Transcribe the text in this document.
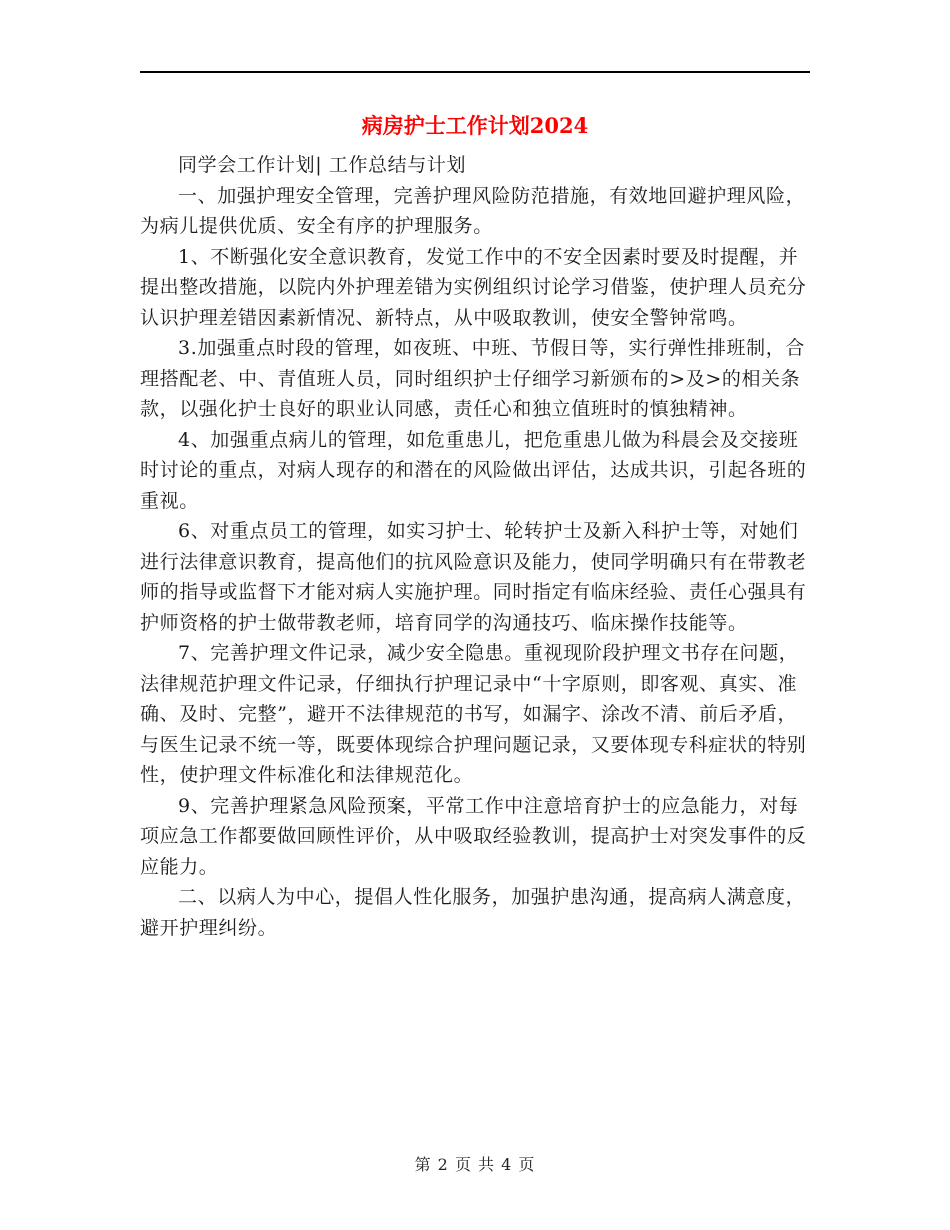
病房护士工作计划2024

同学会工作计划| 工作总结与计划

一、加强护理安全管理，完善护理风险防范措施，有效地回避护理风险，为病儿提供优质、安全有序的护理服务。

1、不断强化安全意识教育，发觉工作中的不安全因素时要及时提醒，并提出整改措施，以院内外护理差错为实例组织讨论学习借鉴，使护理人员充分认识护理差错因素新情况、新特点，从中吸取教训，使安全警钟常鸣。

3.加强重点时段的管理，如夜班、中班、节假日等，实行弹性排班制，合理搭配老、中、青值班人员，同时组织护士仔细学习新颁布的>及>的相关条款，以强化护士良好的职业认同感，责任心和独立值班时的慎独精神。

4、加强重点病儿的管理，如危重患儿，把危重患儿做为科晨会及交接班时讨论的重点，对病人现存的和潜在的风险做出评估，达成共识，引起各班的重视。

6、对重点员工的管理，如实习护士、轮转护士及新入科护士等，对她们进行法律意识教育，提高他们的抗风险意识及能力，使同学明确只有在带教老师的指导或监督下才能对病人实施护理。同时指定有临床经验、责任心强具有护师资格的护士做带教老师，培育同学的沟通技巧、临床操作技能等。

7、完善护理文件记录，减少安全隐患。重视现阶段护理文书存在问题，法律规范护理文件记录，仔细执行护理记录中“十字原则，即客观、真实、准确、及时、完整”，避开不法律规范的书写，如漏字、涂改不清、前后矛盾，与医生记录不统一等，既要体现综合护理问题记录，又要体现专科症状的特别性，使护理文件标准化和法律规范化。

9、完善护理紧急风险预案，平常工作中注意培育护士的应急能力，对每项应急工作都要做回顾性评价，从中吸取经验教训，提高护士对突发事件的反应能力。

二、以病人为中心，提倡人性化服务，加强护患沟通，提高病人满意度，避开护理纠纷。

第 2 页 共 4 页
